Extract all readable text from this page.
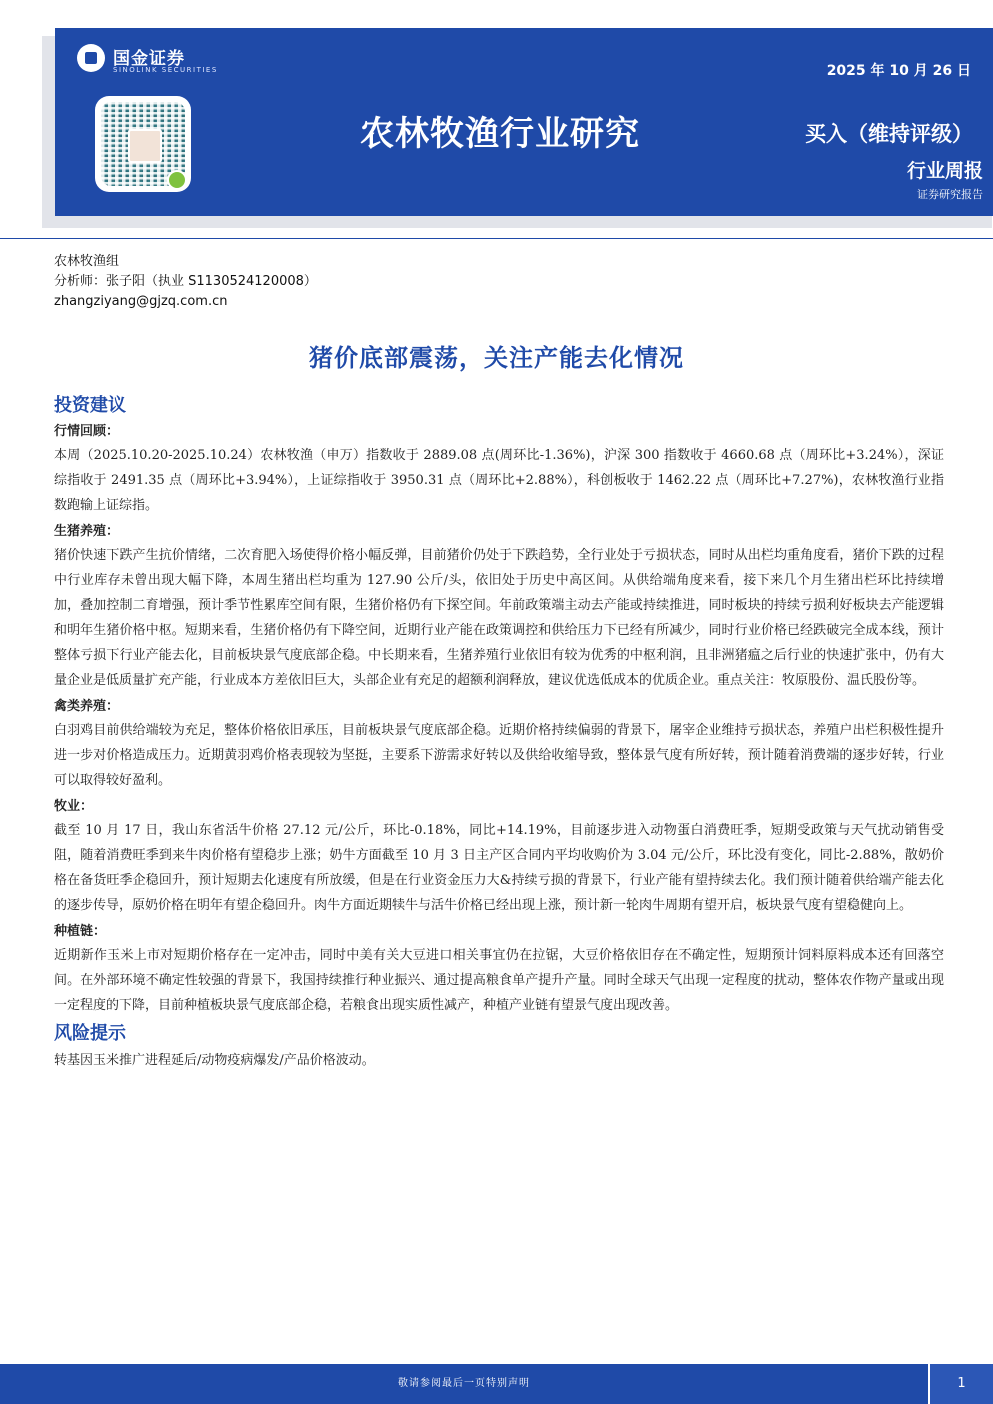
国金证券
SINOLINK SECURITIES	2025 年 10 月 26 日
农林牧渔行业研究	买入（维持评级）
行业周报
证券研究报告
农林牧渔组
分析师：张子阳（执业 S1130524120008）
zhangziyang@gjzq.com.cn
猪价底部震荡，关注产能去化情况
投资建议
行情回顾：

本周（2025.10.20-2025.10.24）农林牧渔（申万）指数收于 2889.08 点(周环比-1.36%)，沪深 300 指数收于 4660.68 点（周环比+3.24%），深证综指收于 2491.35 点（周环比+3.94%），上证综指收于 3950.31 点（周环比+2.88%），科创板收于 1462.22 点（周环比+7.27%)，农林牧渔行业指数跑输上证综指。

生猪养殖：

猪价快速下跌产生抗价情绪，二次育肥入场使得价格小幅反弹，目前猪价仍处于下跌趋势，全行业处于亏损状态，同时从出栏均重角度看，猪价下跌的过程中行业库存未曾出现大幅下降，本周生猪出栏均重为 127.90 公斤/头，依旧处于历史中高区间。从供给端角度来看，接下来几个月生猪出栏环比持续增加，叠加控制二育增强，预计季节性累库空间有限，生猪价格仍有下探空间。年前政策端主动去产能或持续推进，同时板块的持续亏损利好板块去产能逻辑和明年生猪价格中枢。短期来看，生猪价格仍有下降空间，近期行业产能在政策调控和供给压力下已经有所减少，同时行业价格已经跌破完全成本线，预计整体亏损下行业产能去化，目前板块景气度底部企稳。中长期来看，生猪养殖行业依旧有较为优秀的中枢利润，且非洲猪瘟之后行业的快速扩张中，仍有大量企业是低质量扩充产能，行业成本方差依旧巨大，头部企业有充足的超额利润释放，建议优选低成本的优质企业。重点关注：牧原股份、温氏股份等。

禽类养殖：

白羽鸡目前供给端较为充足，整体价格依旧承压，目前板块景气度底部企稳。近期价格持续偏弱的背景下，屠宰企业维持亏损状态，养殖户出栏积极性提升进一步对价格造成压力。近期黄羽鸡价格表现较为坚挺，主要系下游需求好转以及供给收缩导致，整体景气度有所好转，预计随着消费端的逐步好转，行业可以取得较好盈利。

牧业：

截至 10 月 17 日，我山东省活牛价格 27.12 元/公斤，环比-0.18%，同比+14.19%，目前逐步进入动物蛋白消费旺季，短期受政策与天气扰动销售受阻，随着消费旺季到来牛肉价格有望稳步上涨；奶牛方面截至 10 月 3 日主产区合同内平均收购价为 3.04 元/公斤，环比没有变化，同比-2.88%，散奶价格在备货旺季企稳回升，预计短期去化速度有所放缓，但是在行业资金压力大&持续亏损的背景下，行业产能有望持续去化。我们预计随着供给端产能去化的逐步传导，原奶价格在明年有望企稳回升。肉牛方面近期犊牛与活牛价格已经出现上涨，预计新一轮肉牛周期有望开启，板块景气度有望稳健向上。

种植链：

近期新作玉米上市对短期价格存在一定冲击，同时中美有关大豆进口相关事宜仍在拉锯，大豆价格依旧存在不确定性，短期预计饲料原料成本还有回落空间。在外部环境不确定性较强的背景下，我国持续推行种业振兴、通过提高粮食单产提升产量。同时全球天气出现一定程度的扰动，整体农作物产量或出现一定程度的下降，目前种植板块景气度底部企稳，若粮食出现实质性减产，种植产业链有望景气度出现改善。

风险提示

转基因玉米推广进程延后/动物疫病爆发/产品价格波动。

敬请参阅最后一页特别声明	1
